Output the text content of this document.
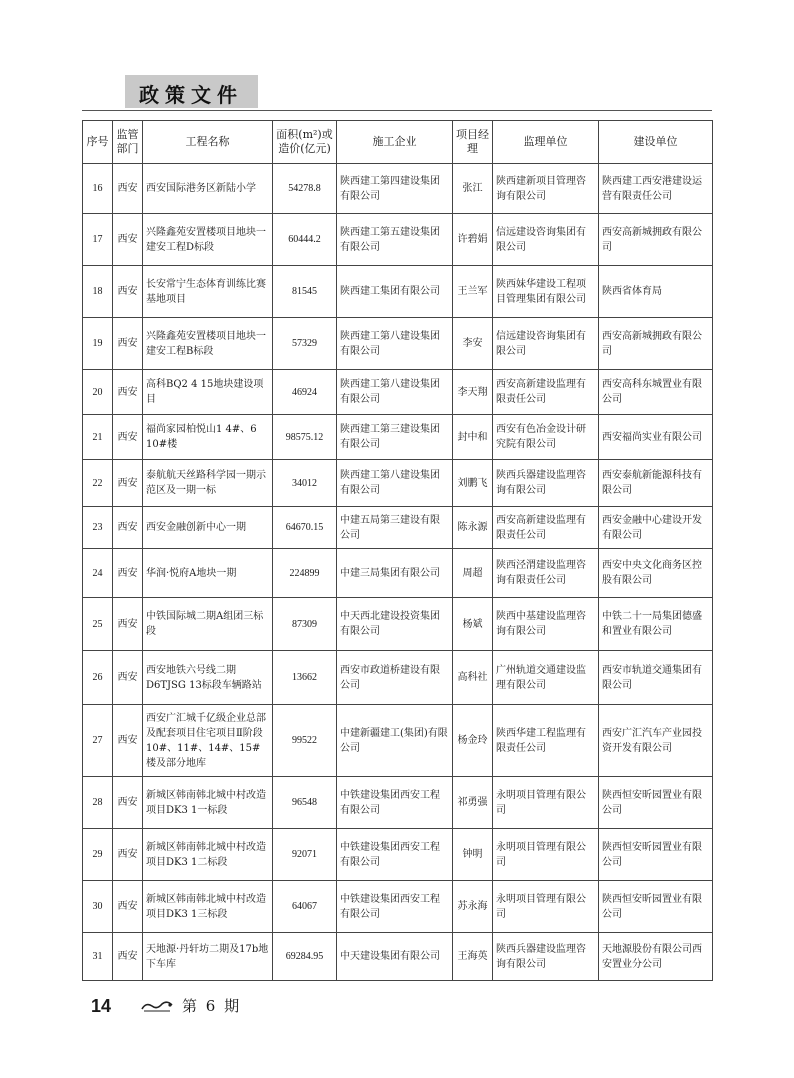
政策文件
序号	监管部门	工程名称	面积(m²)或造价(亿元)	施工企业	项目经理	监理单位	建设单位
16	西安	西安国际港务区新陆小学	54278.8	陕西建工第四建设集团有限公司	张江	陕西建新项目管理咨询有限公司	陕西建工西安港建设运营有限责任公司
17	西安	兴隆鑫苑安置楼项目地块一建安工程D标段	60444.2	陕西建工第五建设集团有限公司	许碧娟	信远建设咨询集团有限公司	西安高新城拥政有限公司
18	西安	长安常宁生态体育训练比赛基地项目	81545	陕西建工集团有限公司	王兰军	陕西妹华建设工程项目管理集团有限公司	陕西省体育局
19	西安	兴隆鑫苑安置楼项目地块一建安工程B标段	57329	陕西建工第八建设集团有限公司	李安	信远建设咨询集团有限公司	西安高新城拥政有限公司
20	西安	高科BQ2 4 15地块建设项目	46924	陕西建工第八建设集团有限公司	李天翔	西安高新建设监理有限责任公司	西安高科东城置业有限公司
21	西安	福尚家园柏悦山1 4#、6 10#楼	98575.12	陕西建工第三建设集团有限公司	封中和	西安有色冶金设计研究院有限公司	西安福尚实业有限公司
22	西安	泰航航天丝路科学园一期示范区及一期一标	34012	陕西建工第八建设集团有限公司	刘鹏飞	陕西兵器建设监理咨询有限公司	西安泰航新能源科技有限公司
23	西安	西安金融创新中心一期	64670.15	中建五局第三建设有限公司	陈永源	西安高新建设监理有限责任公司	西安金融中心建设开发有限公司
24	西安	华润·悦府A地块一期	224899	中建三局集团有限公司	周超	陕西泾渭建设监理咨询有限责任公司	西安中央文化商务区控股有限公司
25	西安	中铁国际城二期A组团三标段	87309	中天西北建设投资集团有限公司	杨斌	陕西中基建设监理咨询有限公司	中铁二十一局集团德盛和置业有限公司
26	西安	西安地铁六号线二期D6TJSG 13标段车辆路站	13662	西安市政道桥建设有限公司	高科社	广州轨道交通建设监理有限公司	西安市轨道交通集团有限公司
27	西安	西安广汇城千亿级企业总部及配套项目住宅项目Ⅱ阶段10#、11#、14#、15#楼及部分地库	99522	中建新疆建工(集团)有限公司	杨金玲	陕西华建工程监理有限责任公司	西安广汇汽车产业园投资开发有限公司
28	西安	新城区韩南韩北城中村改造项目DK3 1一标段	96548	中铁建设集团西安工程有限公司	祁勇强	永明项目管理有限公司	陕西恒安昕园置业有限公司
29	西安	新城区韩南韩北城中村改造项目DK3 1二标段	92071	中铁建设集团西安工程有限公司	钟明	永明项目管理有限公司	陕西恒安昕园置业有限公司
30	西安	新城区韩南韩北城中村改造项目DK3 1三标段	64067	中铁建设集团西安工程有限公司	苏永海	永明项目管理有限公司	陕西恒安昕园置业有限公司
31	西安	天地源·丹轩坊二期及17b地下车库	69284.95	中天建设集团有限公司	王海英	陕西兵器建设监理咨询有限公司	天地源股份有限公司西安置业分公司
14	第 6 期
